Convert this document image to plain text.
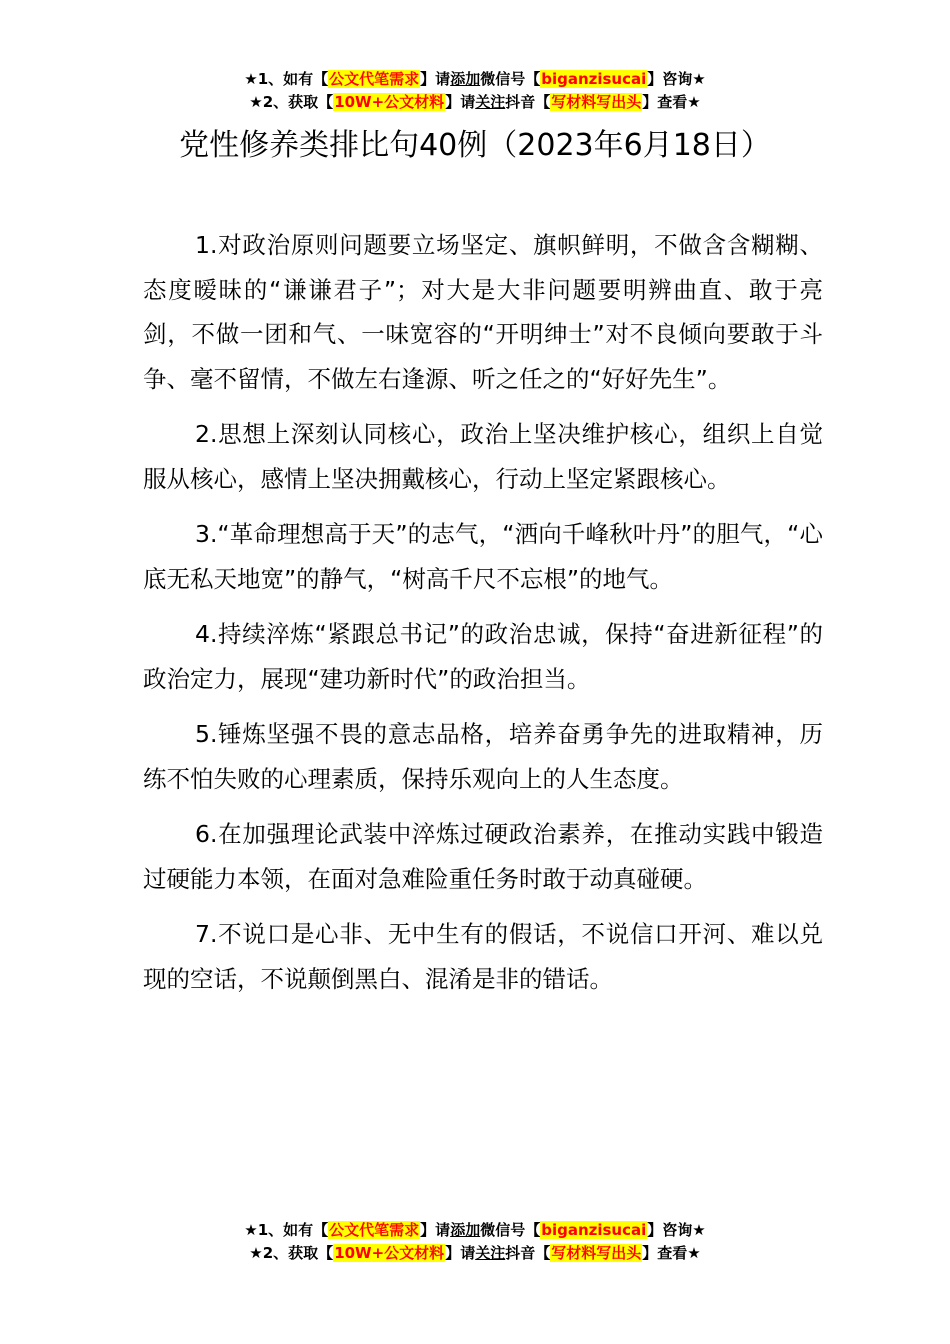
★1、如有【公文代笔需求】请添加微信号【biganzisucai】咨询★
★2、获取【10W+公文材料】请关注抖音【写材料写出头】查看★
党性修养类排比句40例（2023年6月18日）

1.对政治原则问题要立场坚定、旗帜鲜明，不做含含糊糊、态度暧昧的“谦谦君子”；对大是大非问题要明辨曲直、敢于亮剑，不做一团和气、一味宽容的“开明绅士”对不良倾向要敢于斗争、毫不留情，不做左右逢源、听之任之的“好好先生”。

2.思想上深刻认同核心，政治上坚决维护核心，组织上自觉服从核心，感情上坚决拥戴核心，行动上坚定紧跟核心。

3.“革命理想高于天”的志气，“洒向千峰秋叶丹”的胆气，“心底无私天地宽”的静气，“树高千尺不忘根”的地气。

4.持续淬炼“紧跟总书记”的政治忠诚，保持“奋进新征程”的政治定力，展现“建功新时代”的政治担当。

5.锤炼坚强不畏的意志品格，培养奋勇争先的进取精神，历练不怕失败的心理素质，保持乐观向上的人生态度。

6.在加强理论武装中淬炼过硬政治素养，在推动实践中锻造过硬能力本领，在面对急难险重任务时敢于动真碰硬。

7.不说口是心非、无中生有的假话，不说信口开河、难以兑现的空话，不说颠倒黑白、混淆是非的错话。

★1、如有【公文代笔需求】请添加微信号【biganzisucai】咨询★
★2、获取【10W+公文材料】请关注抖音【写材料写出头】查看★
